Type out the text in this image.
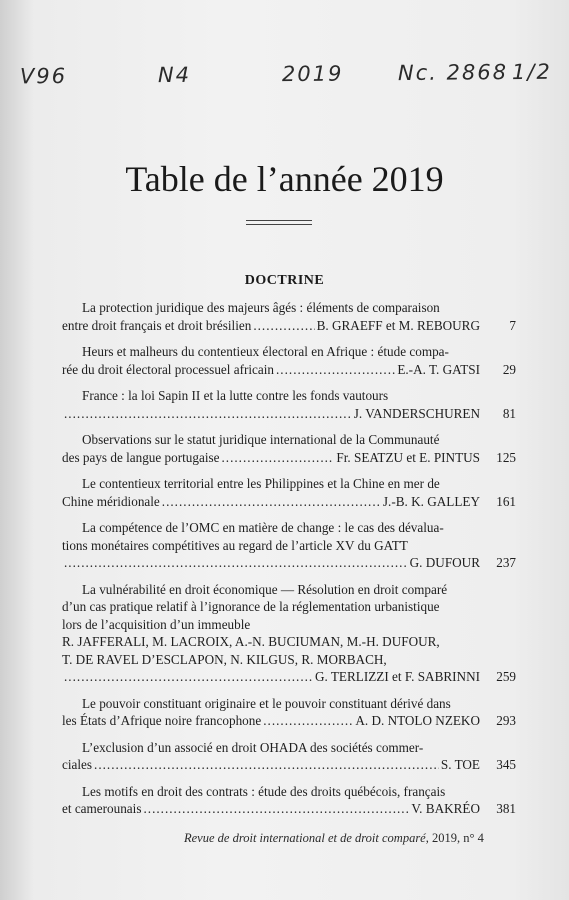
V96	N4	2019	Nc. 2868 1/2
Table de l’année 2019
DOCTRINE
La protection juridique des majeurs âgés : éléments de comparaison
entre droit français et droit brésilien .....	B. GRAEFF et M. REBOURG	7
Heurs et malheurs du contentieux électoral en Afrique : étude compa-
rée du droit électoral processuel africain .....	E.-A. T. GATSI	29
France : la loi Sapin II et la lutte contre les fonds vautours
.....
J. VANDERSCHUREN	81
Observations sur le statut juridique international de la Communauté
des pays de langue portugaise .....	Fr. SEATZU et E. PINTUS	125
Le contentieux territorial entre les Philippines et la Chine en mer de
Chine méridionale .....	J.-B. K. GALLEY	161
La compétence de l’OMC en matière de change : le cas des dévalua-
tions monétaires compétitives au regard de l’article XV du GATT
.....
G. DUFOUR	237
La vulnérabilité en droit économique — Résolution en droit comparé
d’un cas pratique relatif à l’ignorance de la réglementation urbanistique
lors de l’acquisition d’un immeuble
R. JAFFERALI, M. LACROIX, A.-N. BUCIUMAN, M.-H. DUFOUR,
T. DE RAVEL D’ESCLAPON, N. KILGUS, R. MORBACH,
.....
G. TERLIZZI et F. SABRINNI	259
Le pouvoir constituant originaire et le pouvoir constituant dérivé dans
les États d’Afrique noire francophone .....	A. D. NTOLO NZEKO	293
L’exclusion d’un associé en droit OHADA des sociétés commer-
ciales .....	S. TOE	345
Les motifs en droit des contrats : étude des droits québécois, français
et camerounais .....	V. BAKRÉO	381
Revue de droit international et de droit comparé, 2019, n° 4
